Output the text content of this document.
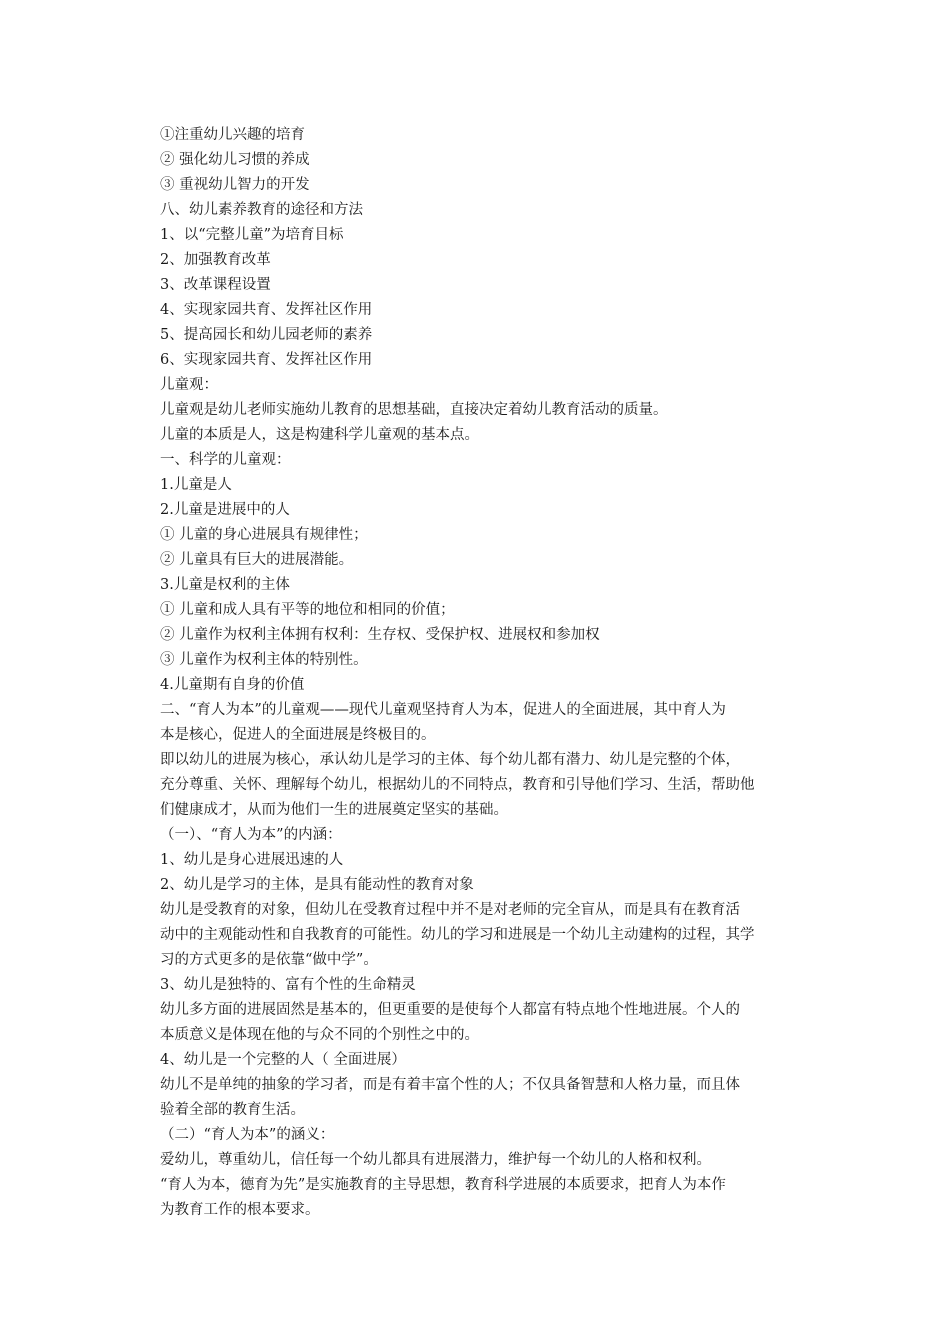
①注重幼儿兴趣的培育
② 强化幼儿习惯的养成
③ 重视幼儿智力的开发
八、幼儿素养教育的途径和方法
1、以“完整儿童”为培育目标
2、加强教育改革
3、改革课程设置
4、实现家园共育、发挥社区作用
5、提高园长和幼儿园老师的素养
6、实现家园共育、发挥社区作用
儿童观：
儿童观是幼儿老师实施幼儿教育的思想基础，直接决定着幼儿教育活动的质量。
儿童的本质是人，这是构建科学儿童观的基本点。
一、科学的儿童观：
1.儿童是人
2.儿童是进展中的人
① 儿童的身心进展具有规律性；
② 儿童具有巨大的进展潜能。
3.儿童是权利的主体
① 儿童和成人具有平等的地位和相同的价值；
② 儿童作为权利主体拥有权利：生存权、受保护权、进展权和参加权
③ 儿童作为权利主体的特别性。
4.儿童期有自身的价值
二、“育人为本”的儿童观——现代儿童观坚持育人为本，促进人的全面进展，其中育人为
本是核心，促进人的全面进展是终极目的。
即以幼儿的进展为核心，承认幼儿是学习的主体、每个幼儿都有潜力、幼儿是完整的个体，
充分尊重、关怀、理解每个幼儿，根据幼儿的不同特点，教育和引导他们学习、生活，帮助他
们健康成才，从而为他们一生的进展奠定坚实的基础。
（一）、“育人为本”的内涵：
1、幼儿是身心进展迅速的人
2、幼儿是学习的主体，是具有能动性的教育对象
幼儿是受教育的对象，但幼儿在受教育过程中并不是对老师的完全盲从，而是具有在教育活
动中的主观能动性和自我教育的可能性。幼儿的学习和进展是一个幼儿主动建构的过程，其学
习的方式更多的是依靠“做中学”。
3、幼儿是独特的、富有个性的生命精灵
幼儿多方面的进展固然是基本的，但更重要的是使每个人都富有特点地个性地进展。个人的
本质意义是体现在他的与众不同的个别性之中的。
4、幼儿是一个完整的人（ 全面进展）
幼儿不是单纯的抽象的学习者，而是有着丰富个性的人；不仅具备智慧和人格力量，而且体
验着全部的教育生活。
（二）“育人为本”的涵义：
爱幼儿，尊重幼儿，信任每一个幼儿都具有进展潜力，维护每一个幼儿的人格和权利。
“育人为本，德育为先”是实施教育的主导思想，教育科学进展的本质要求，把育人为本作
为教育工作的根本要求。
